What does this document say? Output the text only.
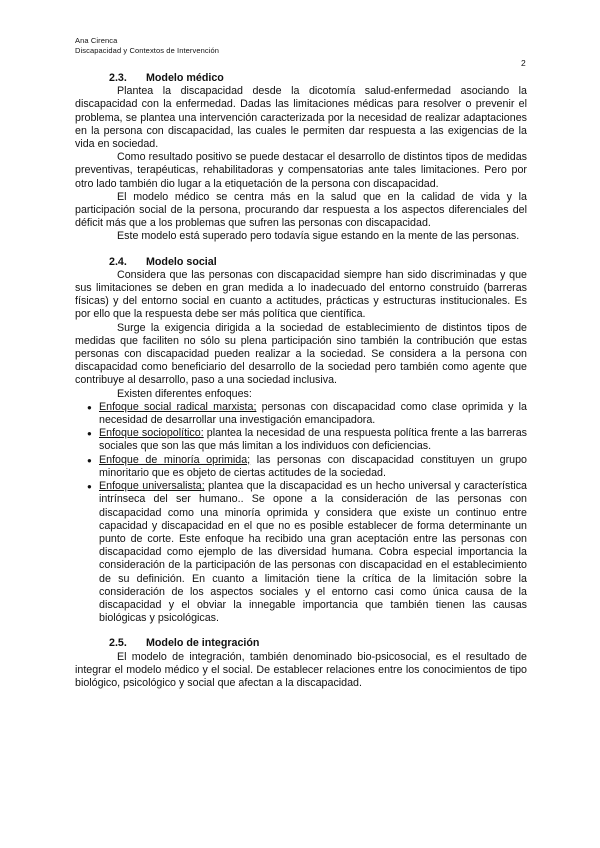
Ana Cirenca
Discapacidad y Contextos de Intervención
2
2.3. Modelo médico

Plantea la discapacidad desde la dicotomía salud-enfermedad asociando la discapacidad con la enfermedad. Dadas las limitaciones médicas para resolver o prevenir el problema, se plantea una intervención caracterizada por la necesidad de realizar adaptaciones en la persona con discapacidad, las cuales le permiten dar respuesta a las exigencias de la vida en sociedad.

Como resultado positivo se puede destacar el desarrollo de distintos tipos de medidas preventivas, terapéuticas, rehabilitadoras y compensatorias ante tales limitaciones. Pero por otro lado también dio lugar a la etiquetación de la persona con discapacidad.

El modelo médico se centra más en la salud que en la calidad de vida y la participación social de la persona, procurando dar respuesta a los aspectos diferenciales del déficit más que a los problemas que sufren las personas con discapacidad.

Este modelo está superado pero todavía sigue estando en la mente de las personas.

2.4. Modelo social

Considera que las personas con discapacidad siempre han sido discriminadas y que sus limitaciones se deben en gran medida a lo inadecuado del entorno construido (barreras físicas) y del entorno social en cuanto a actitudes, prácticas y estructuras institucionales. Es por ello que la respuesta debe ser más política que científica.

Surge la exigencia dirigida a la sociedad de establecimiento de distintos tipos de medidas que faciliten no sólo su plena participación sino también la contribución que estas personas con discapacidad pueden realizar a la sociedad. Se considera a la persona con discapacidad como beneficiario del desarrollo de la sociedad pero también como agente que contribuye al desarrollo, paso a una sociedad inclusiva.

Existen diferentes enfoques:

● Enfoque social radical marxista; personas con discapacidad como clase oprimida y la necesidad de desarrollar una investigación emancipadora.
● Enfoque sociopolítico: plantea la necesidad de una respuesta política frente a las barreras sociales que son las que más limitan a los individuos con deficiencias.
● Enfoque de minoría oprimida; las personas con discapacidad constituyen un grupo minoritario que es objeto de ciertas actitudes de la sociedad.
● Enfoque universalista; plantea que la discapacidad es un hecho universal y característica intrínseca del ser humano.. Se opone a la consideración de las personas con discapacidad como una minoría oprimida y considera que existe un continuo entre capacidad y discapacidad en el que no es posible establecer de forma determinante un punto de corte. Este enfoque ha recibido una gran aceptación entre las personas con discapacidad como ejemplo de las diversidad humana. Cobra especial importancia la consideración de la participación de las personas con discapacidad en el establecimiento de su definición. En cuanto a limitación tiene la crítica de la limitación sobre la consideración de los aspectos sociales y el entorno casi como única causa de la discapacidad y el obviar la innegable importancia que también tienen las causas biológicas y psicológicas.
2.5. Modelo de integración

El modelo de integración, también denominado bio-psicosocial, es el resultado de integrar el modelo médico y el social. De establecer relaciones entre los conocimientos de tipo biológico, psicológico y social que afectan a la discapacidad.
